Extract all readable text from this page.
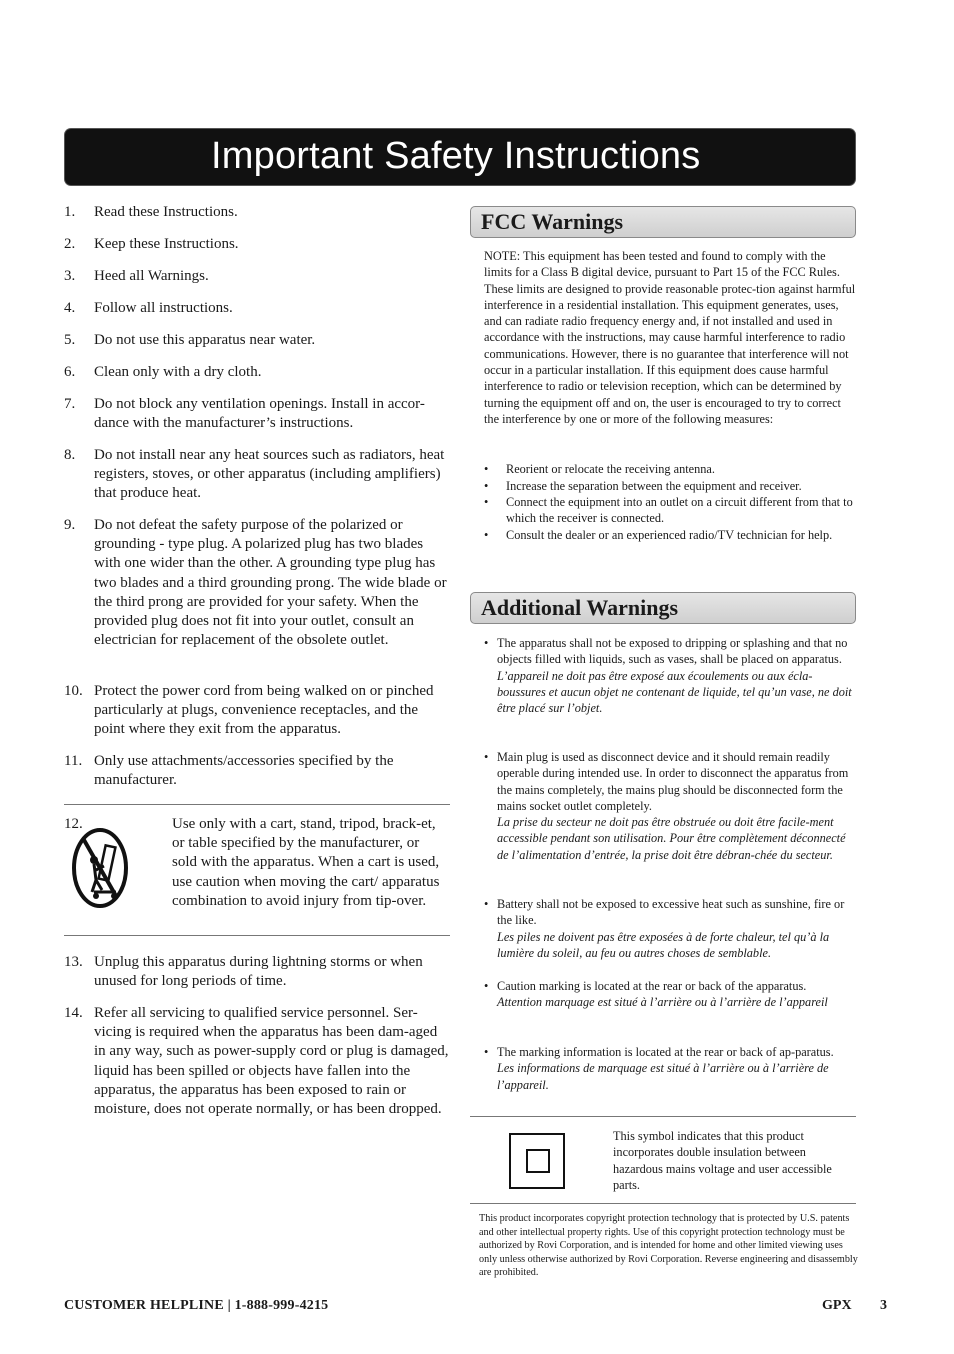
Important Safety Instructions
1. Read these Instructions.
2. Keep these Instructions.
3. Heed all Warnings.
4. Follow all instructions.
5. Do not use this apparatus near water.
6. Clean only with a dry cloth.
7. Do not block any ventilation openings. Install in accor-dance with the manufacturer’s instructions.
8. Do not install near any heat sources such as radiators, heat registers, stoves, or other apparatus (including amplifiers) that produce heat.
9. Do not defeat the safety purpose of the polarized or grounding - type plug. A polarized plug has two blades with one wider than the other. A grounding type plug has two blades and a third grounding prong. The wide blade or the third prong are provided for your safety. When the provided plug does not fit into your outlet, consult an electrician for replacement of the obsolete outlet.
10. Protect the power cord from being walked on or pinched particularly at plugs, convenience receptacles, and the point where they exit from the apparatus.
11. Only use attachments/accessories specified by the manufacturer.
12.	Use only with a cart, stand, tripod, brack-et, or table specified by the manufacturer, or sold with the apparatus. When a cart is used, use caution when moving the cart/ apparatus combination to avoid injury from tip-over.
13. Unplug this apparatus during lightning storms or when unused for long periods of time.
14. Refer all servicing to qualified service personnel. Ser-vicing is required when the apparatus has been dam-aged in any way, such as power-supply cord or plug is damaged, liquid has been spilled or objects have fallen into the apparatus, the apparatus has been exposed to rain or moisture, does not operate normally, or has been dropped.
FCC Warnings
NOTE: This equipment has been tested and found to comply with the limits for a Class B digital device, pursuant to Part 15 of the FCC Rules. These limits are designed to provide reasonable protec-tion against harmful interference in a residential installation. This equipment generates, uses, and can radiate radio frequency energy and, if not installed and used in accordance with the instructions, may cause harmful interference to radio communications. However, there is no guarantee that interference will not occur in a particular installation. If this equipment does cause harmful interference to radio or television reception, which can be determined by turning the equipment off and on, the user is encouraged to try to correct the interference by one or more of the following measures:
• Reorient or relocate the receiving antenna.
• Increase the separation between the equipment and receiver.
• Connect the equipment into an outlet on a circuit different from that to which the receiver is connected.
• Consult the dealer or an experienced radio/TV technician for help.
Additional Warnings
• The apparatus shall not be exposed to dripping or splashing and that no objects filled with liquids, such as vases, shall be placed on apparatus.
L’appareil ne doit pas être exposé aux écoulements ou aux écla-boussures et aucun objet ne contenant de liquide, tel qu’un vase, ne doit être placé sur l’objet.
• Main plug is used as disconnect device and it should remain readily operable during intended use. In order to disconnect the apparatus from the mains completely, the mains plug should be disconnected form the mains socket outlet completely.
La prise du secteur ne doit pas être obstruée ou doit être facile-ment accessible pendant son utilisation. Pour être complètement déconnecté de l’alimentation d’entrée, la prise doit être débran-chée du secteur.
• Battery shall not be exposed to excessive heat such as sunshine, fire or the like.
Les piles ne doivent pas être exposées à de forte chaleur, tel qu’à la lumière du soleil, au feu ou autres choses de semblable.
• Caution marking is located at the rear or back of the apparatus.
Attention marquage est situé à l’arrière ou à l’arrière de l’appareil
• The marking information is located at the rear or back of ap-paratus.
Les informations de marquage est situé à l’arrière ou à l’arrière de l’appareil.
This symbol indicates that this product incorporates double insulation between hazardous mains voltage and user accessible parts.
This product incorporates copyright protection technology that is protected by U.S. patents and other intellectual property rights. Use of this copyright protection technology must be authorized by Rovi Corporation, and is intended for home and other limited viewing uses only unless otherwise authorized by Rovi Corporation. Reverse engineering and disassembly are prohibited.
CUSTOMER HELPLINE | 1-888-999-4215	GPX 3
